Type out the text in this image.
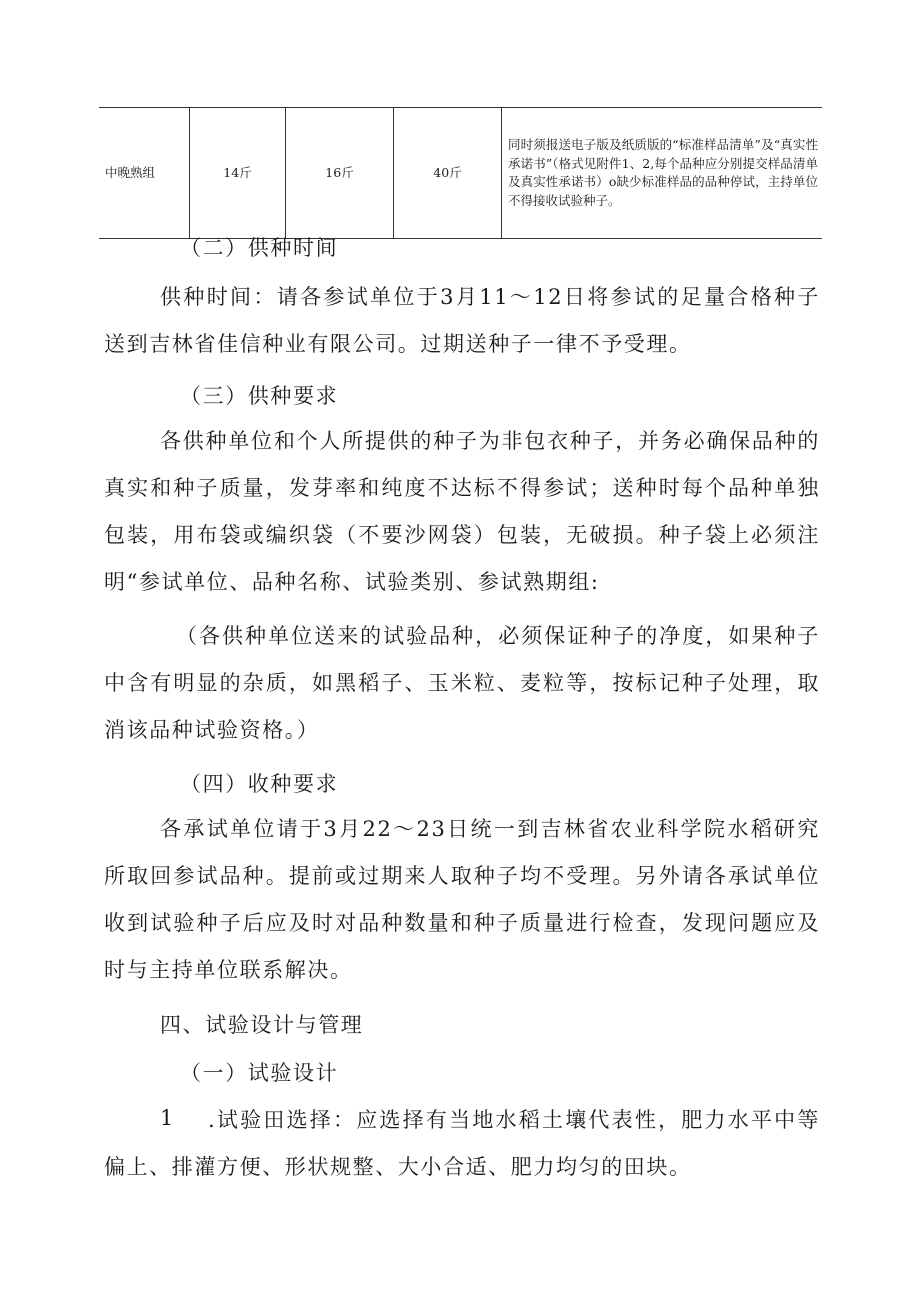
中晚熟组	14斤	16斤	40斤	同时须报送电子版及纸质版的“标准样品清单”及“真实性承诺书”（格式见附件1、2,每个品种应分别提交样品清单及真实性承诺书）o缺少标准样品的品种停试，主持单位不得接收试验种子。
（二）供种时间
供种时间：请各参试单位于3月11～12日将参试的足量合格种子送到吉林省佳信种业有限公司。过期送种子一律不予受理。
（三）供种要求
各供种单位和个人所提供的种子为非包衣种子，并务必确保品种的真实和种子质量，发芽率和纯度不达标不得参试；送种时每个品种单独包装，用布袋或编织袋（不要沙网袋）包装，无破损。种子袋上必须注明“参试单位、品种名称、试验类别、参试熟期组:
（各供种单位送来的试验品种，必须保证种子的净度，如果种子中含有明显的杂质，如黑稻子、玉米粒、麦粒等，按标记种子处理，取消该品种试验资格。）
（四）收种要求
各承试单位请于3月22～23日统一到吉林省农业科学院水稻研究所取回参试品种。提前或过期来人取种子均不受理。另外请各承试单位收到试验种子后应及时对品种数量和种子质量进行检查，发现问题应及时与主持单位联系解决。
四、试验设计与管理
（一）试验设计
1	.试验田选择：应选择有当地水稻土壤代表性，肥力水平中等偏上、排灌方便、形状规整、大小合适、肥力均匀的田块。
